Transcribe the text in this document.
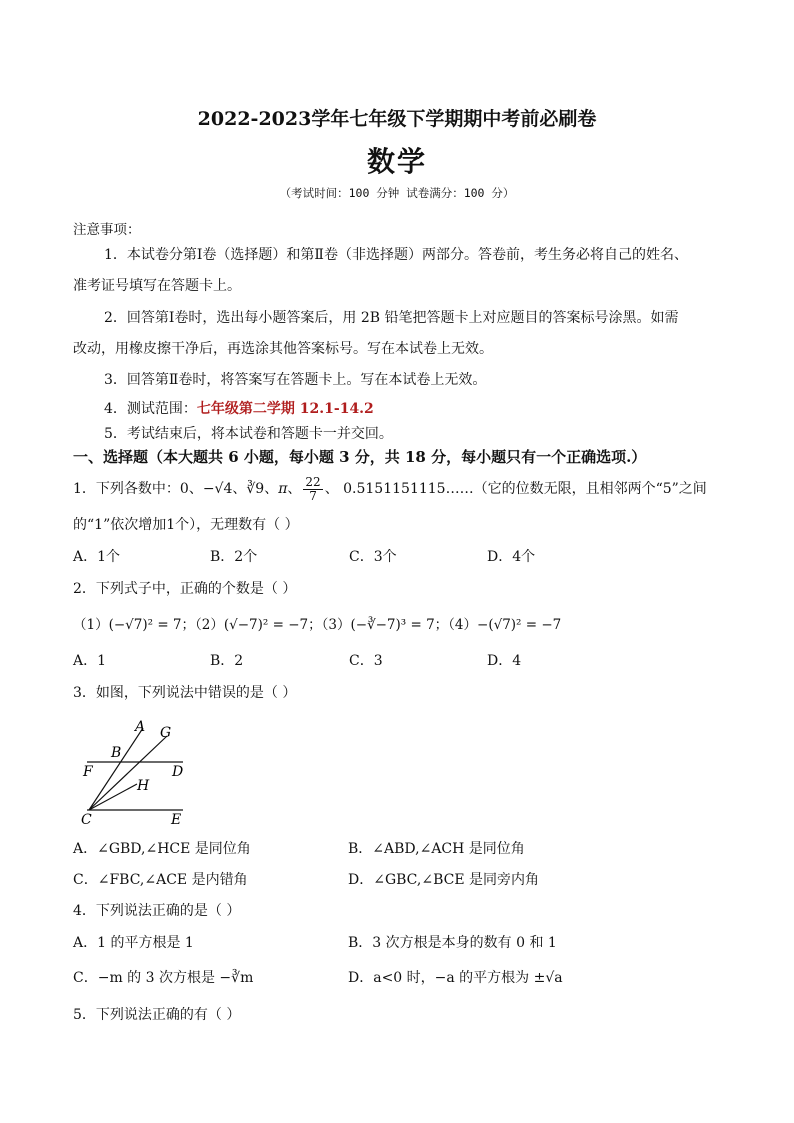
2022-2023学年七年级下学期期中考前必刷卷
数学
（考试时间：100 分钟 试卷满分：100 分）
注意事项：
1．本试卷分第Ⅰ卷（选择题）和第Ⅱ卷（非选择题）两部分。答卷前，考生务必将自己的姓名、
准考证号填写在答题卡上。
2．回答第Ⅰ卷时，选出每小题答案后，用 2B 铅笔把答题卡上对应题目的答案标号涂黑。如需
改动，用橡皮擦干净后，再选涂其他答案标号。写在本试卷上无效。
3．回答第Ⅱ卷时，将答案写在答题卡上。写在本试卷上无效。
4．测试范围：七年级第二学期 12.1-14.2
5．考试结束后，将本试卷和答题卡一并交回。
一、选择题（本大题共 6 小题，每小题 3 分，共 18 分，每小题只有一个正确选项.）
1．下列各数中：0、−√4、∛9、π、 $\frac{22}{7}$ 、 0.5151151115……（它的位数无限，且相邻两个“5”之间
的“1”依次增加1个），无理数有（ ）
A．1个	B．2个	C．3个	D．4个
2．下列式子中，正确的个数是（ ）
（1）(−√7)² = 7；（2）(√−7)² = −7；（3）(−∛−7)³ = 7；（4）−(√7)² = −7
A．1	B．2	C．3	D．4
3．如图，下列说法中错误的是（ ）
A G
B
F	D
H
C	E
A．∠GBD,∠HCE 是同位角	B．∠ABD,∠ACH 是同位角
C．∠FBC,∠ACE 是内错角	D．∠GBC,∠BCE 是同旁内角
4．下列说法正确的是（ ）
A．1 的平方根是 1	B．3 次方根是本身的数有 0 和 1
C．−m 的 3 次方根是 −∛m	D．a<0 时，−a 的平方根为 ±√a
5．下列说法正确的有（ ）
